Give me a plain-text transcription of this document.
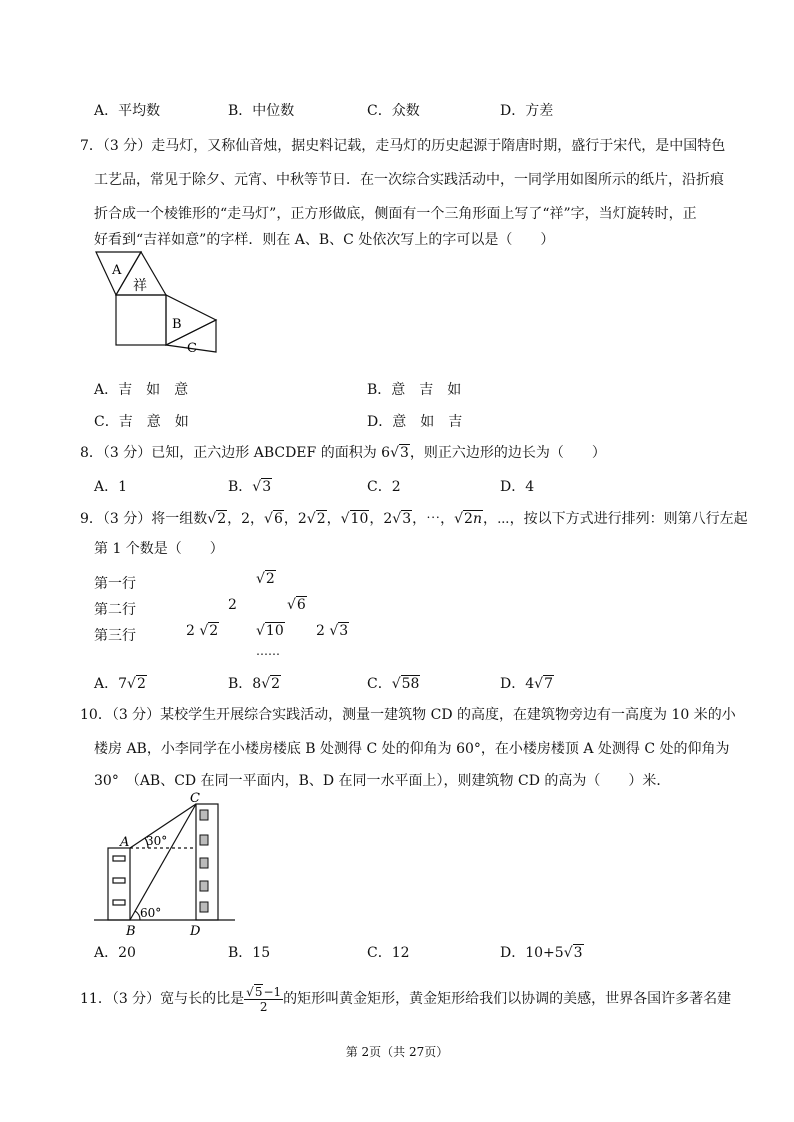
A．平均数	B．中位数	C．众数	D．方差
7．（3 分）走马灯，又称仙音烛，据史料记载，走马灯的历史起源于隋唐时期，盛行于宋代，是中国特色
工艺品，常见于除夕、元宵、中秋等节日．在一次综合实践活动中，一同学用如图所示的纸片，沿折痕
折合成一个棱锥形的“走马灯”，正方形做底，侧面有一个三角形面上写了“祥”字，当灯旋转时，正
好看到“吉祥如意”的字样．则在 A、B、C 处依次写上的字可以是（　　）
A
祥
B
C
A．吉　如　意	B．意　吉　如
C．吉　意　如	D．意　如　吉
8．（3 分）已知，正六边形 ABCDEF 的面积为 6√3，则正六边形的边长为（　　）
A．1	B．√3	C．2	D．4
9．（3 分）将一组数√2，2，√6，2√2，√10，2√3，⋯，√2n，⋯，按以下方式进行排列：则第八行左起
第 1 个数是（　　）
第一行	√2
第二行	2	√6
第三行	2 √2	√10 2 √3
……
A．7√2	B．8√2	C．√58	D．4√7
10．（3 分）某校学生开展综合实践活动，测量一建筑物 CD 的高度，在建筑物旁边有一高度为 10 米的小
楼房 AB，小李同学在小楼房楼底 B 处测得 C 处的仰角为 60°，在小楼房楼顶 A 处测得 C 处的仰角为
30°　（AB、CD 在同一平面内，B、D 在同一水平面上），则建筑物 CD 的高为（　　）米．
C
A 30°
60°
B	D
A．20	B．15	C．12	D．10+5√3
11．（3 分）宽与长的比是 $\frac{√5-1}{2}$ 的矩形叫黄金矩形，黄金矩形给我们以协调的美感，世界各国许多著名建
第 2页（共 27页）
